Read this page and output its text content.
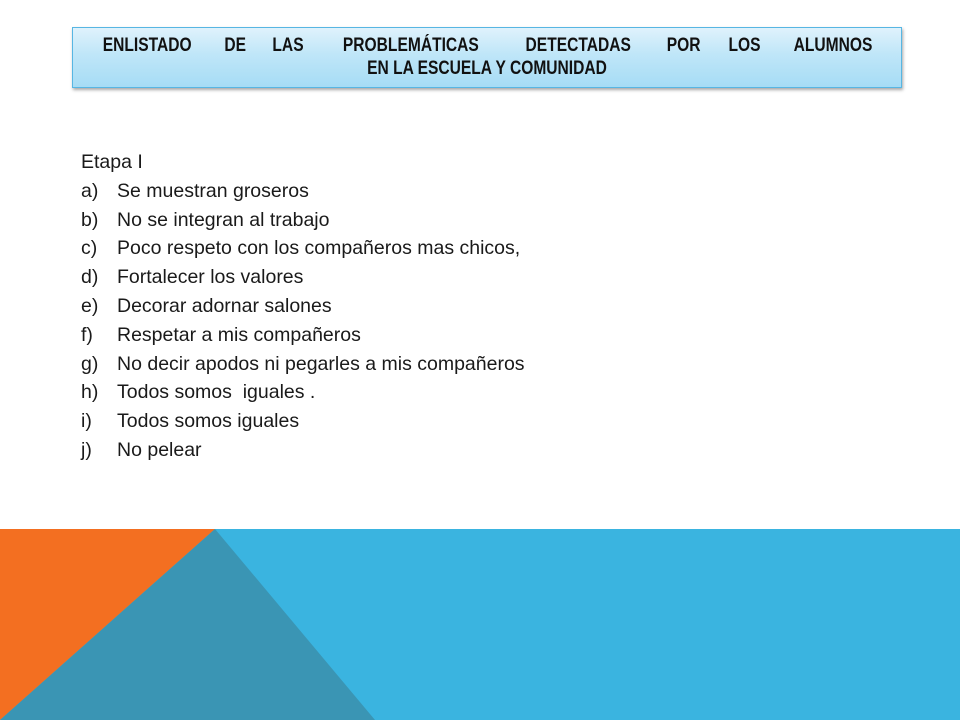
ENLISTADO DE LAS PROBLEMÁTICAS DETECTADAS POR LOS ALUMNOS
EN LA ESCUELA Y COMUNIDAD
Etapa I
a) Se muestran groseros
b) No se integran al trabajo
c)	Poco respeto con los compañeros mas chicos,
d) Fortalecer los valores
e) Decorar adornar salones
f)	Respetar a mis compañeros
g) No decir apodos ni pegarles a mis compañeros
h) Todos somos  iguales .
i)	Todos somos iguales
j)	No pelear
